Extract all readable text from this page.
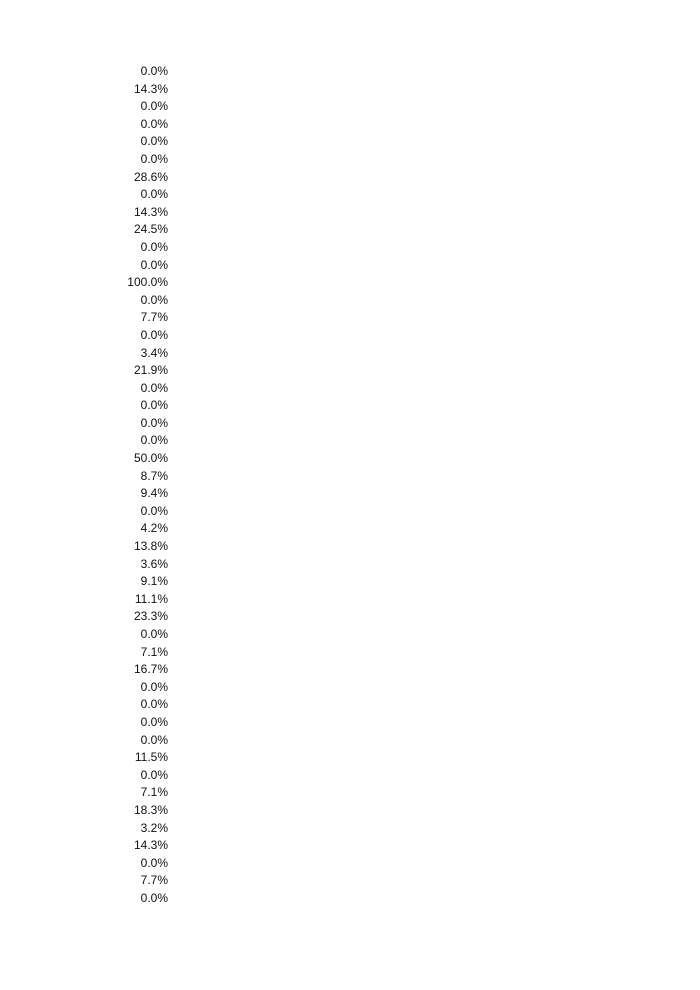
0.0%
14.3%
0.0%
0.0%
0.0%
0.0%
28.6%
0.0%
14.3%
24.5%
0.0%
0.0%
100.0%
0.0%
7.7%
0.0%
3.4%
21.9%
0.0%
0.0%
0.0%
0.0%
50.0%
8.7%
9.4%
0.0%
4.2%
13.8%
3.6%
9.1%
11.1%
23.3%
0.0%
7.1%
16.7%
0.0%
0.0%
0.0%
0.0%
11.5%
0.0%
7.1%
18.3%
3.2%
14.3%
0.0%
7.7%
0.0%
